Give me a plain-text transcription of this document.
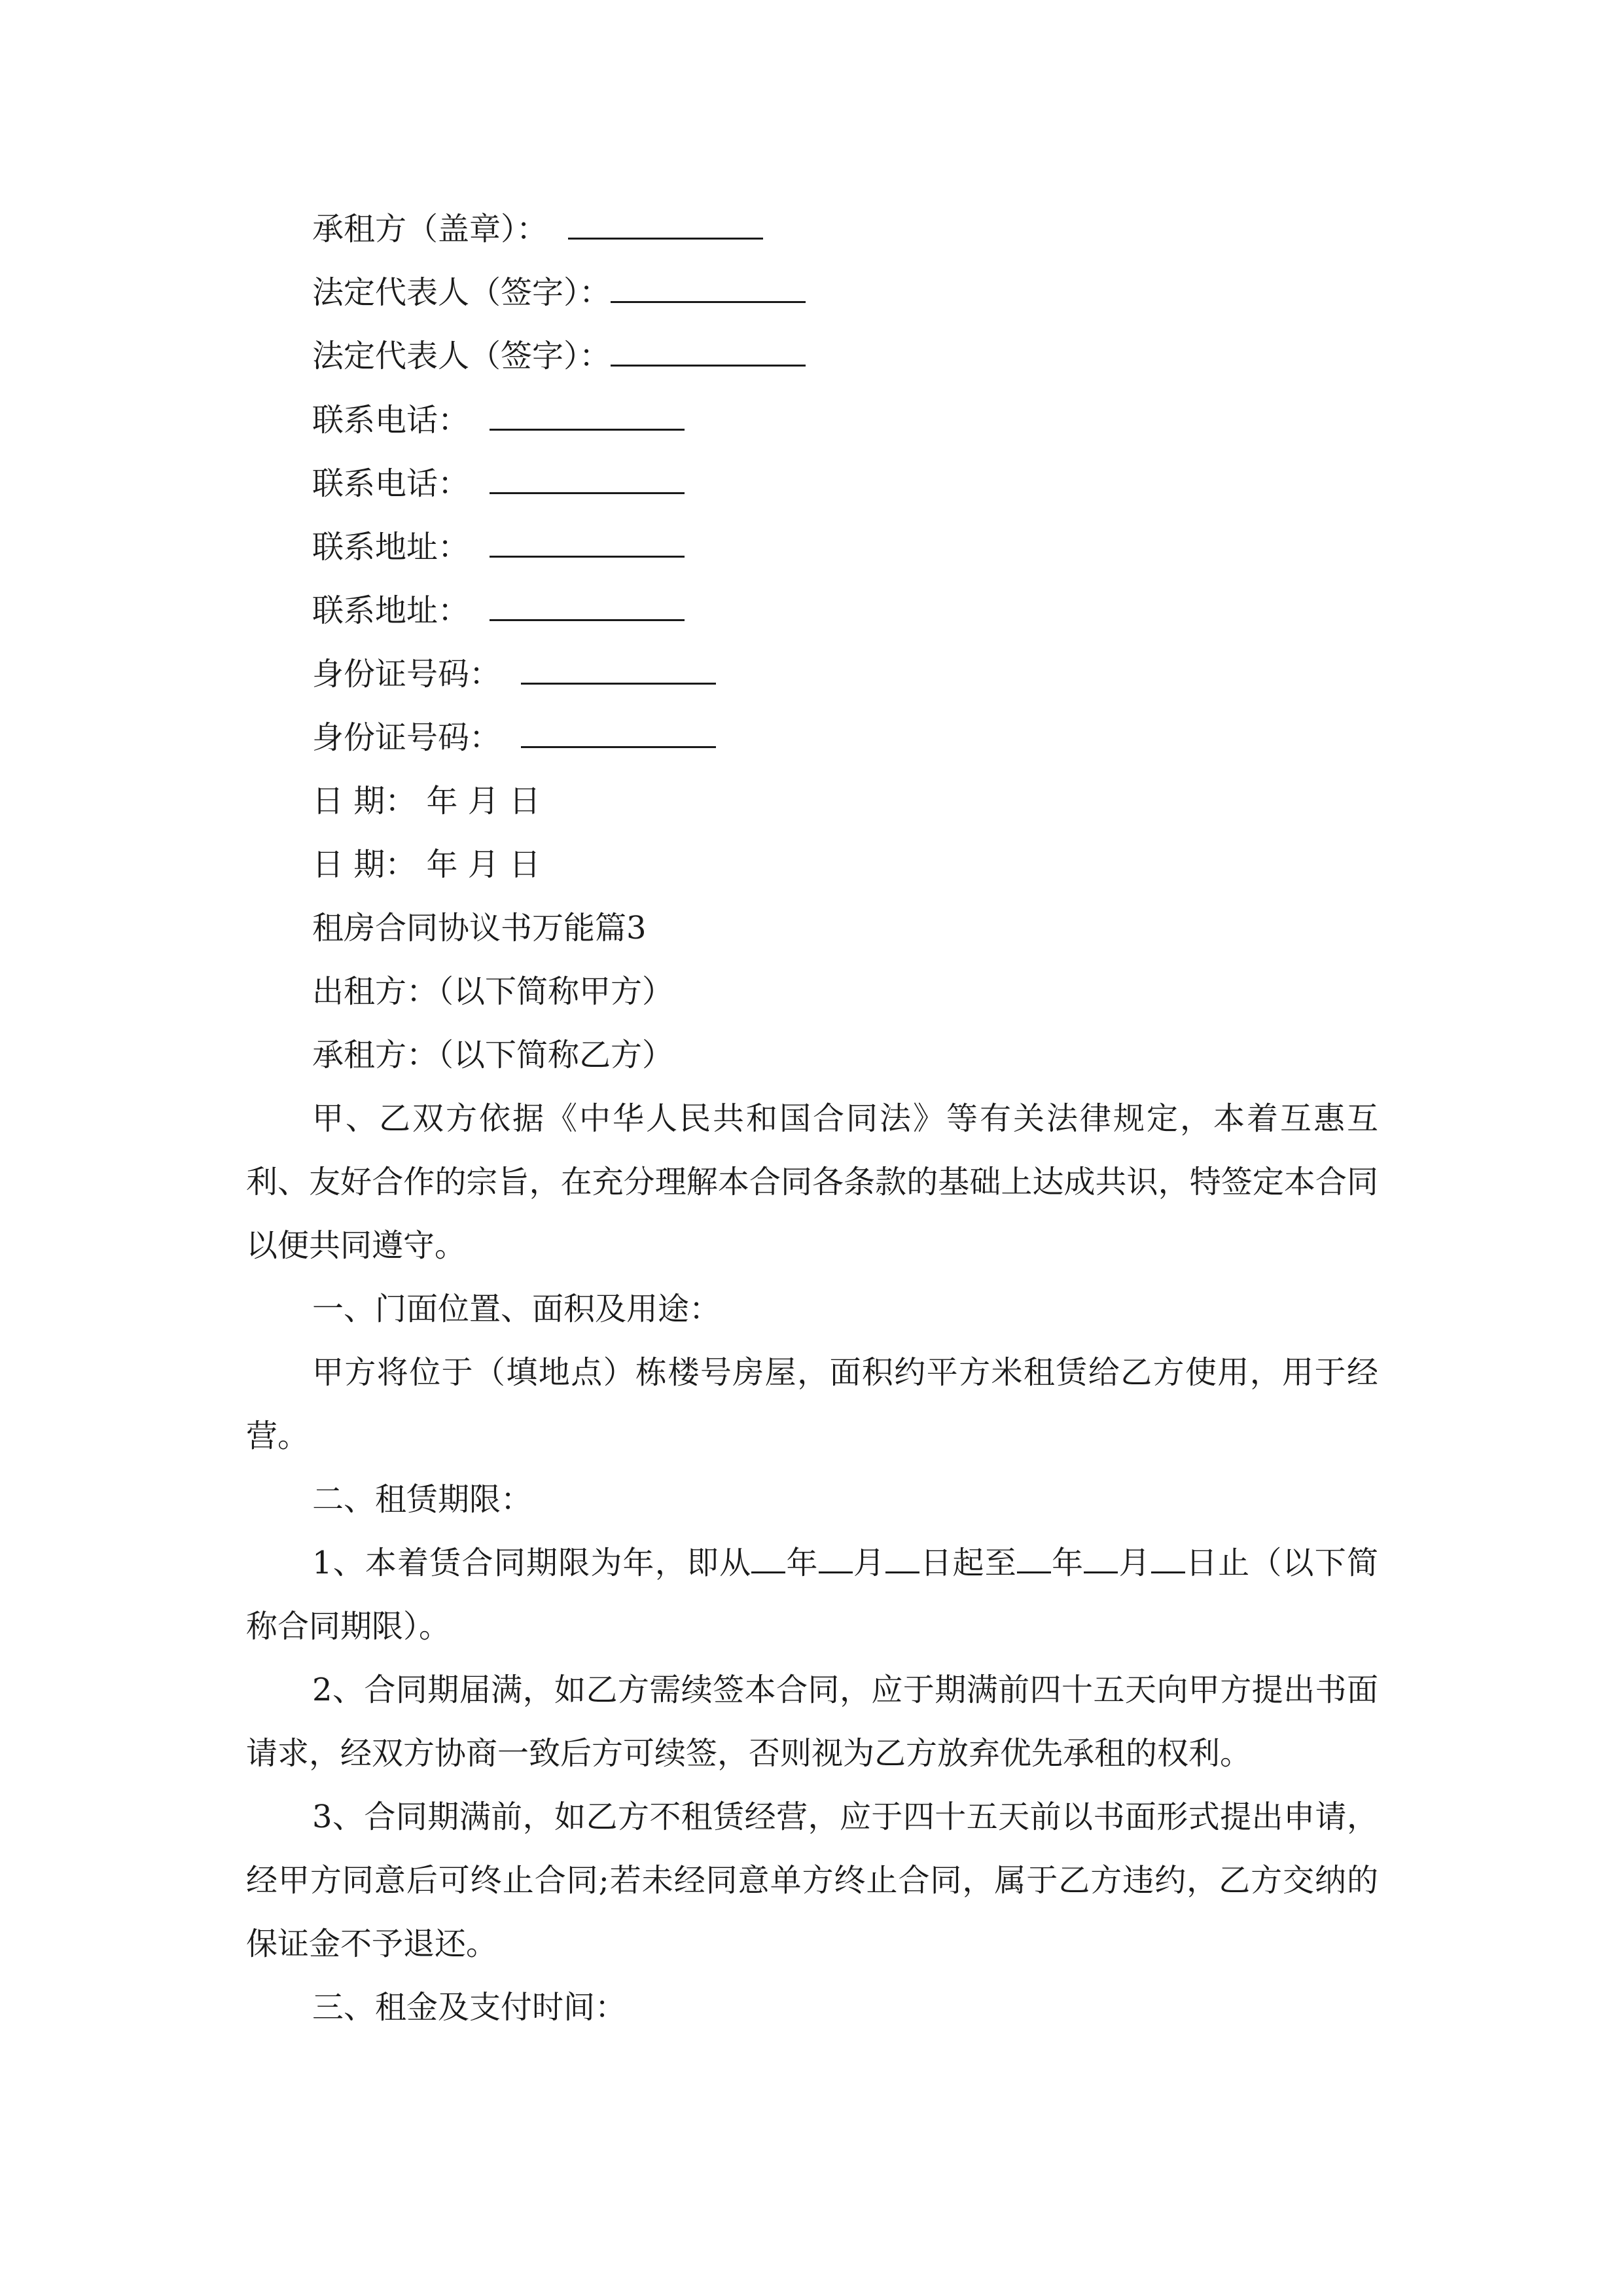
承租方（盖章）：
法定代表人（签字）：
法定代表人（签字）：
联系电话：
联系电话：
联系地址：
联系地址：
身份证号码：
身份证号码：
日 期： 年 月 日
日 期： 年 月 日
租房合同协议书万能篇3
出租方：（以下简称甲方）
承租方：（以下简称乙方）
甲、乙双方依据《中华人民共和国合同法》等有关法律规定，本着互惠互利、友好合作的宗旨，在充分理解本合同各条款的基础上达成共识，特签定本合同以便共同遵守。
一、门面位置、面积及用途：
甲方将位于（填地点）栋楼号房屋，面积约平方米租赁给乙方使用，用于经营。
二、租赁期限：
1、本着赁合同期限为年，即从 年 月 日起至 年 月 日止（以下简称合同期限）。
2、合同期届满，如乙方需续签本合同，应于期满前四十五天向甲方提出书面请求，经双方协商一致后方可续签，否则视为乙方放弃优先承租的权利。
3、合同期满前，如乙方不租赁经营，应于四十五天前以书面形式提出申请，经甲方同意后可终止合同;若未经同意单方终止合同，属于乙方违约，乙方交纳的保证金不予退还。
三、租金及支付时间：
